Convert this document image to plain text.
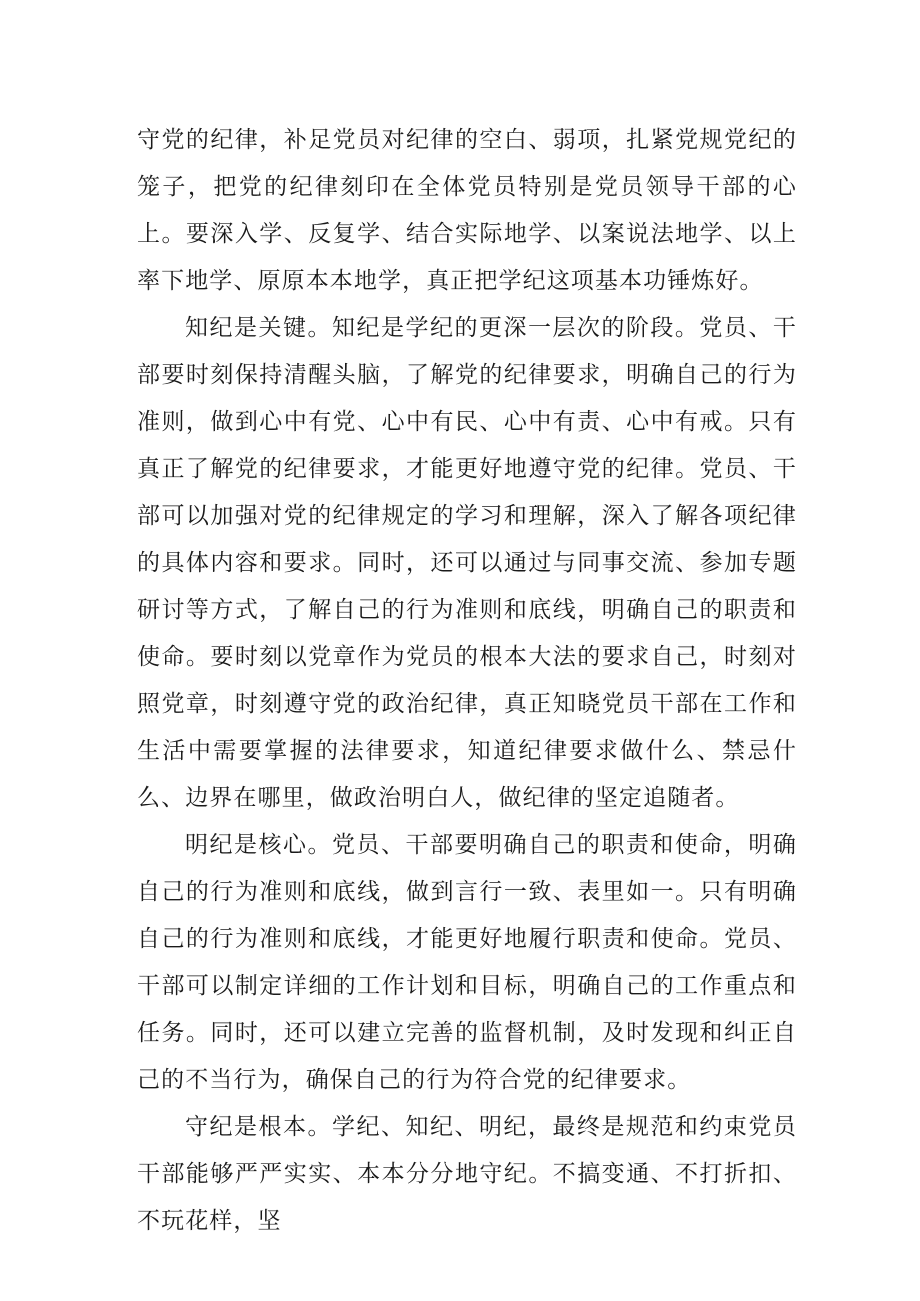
守党的纪律，补足党员对纪律的空白、弱项，扎紧党规党纪的笼子，把党的纪律刻印在全体党员特别是党员领导干部的心上。要深入学、反复学、结合实际地学、以案说法地学、以上率下地学、原原本本地学，真正把学纪这项基本功锤炼好。

知纪是关键。知纪是学纪的更深一层次的阶段。党员、干部要时刻保持清醒头脑，了解党的纪律要求，明确自己的行为准则，做到心中有党、心中有民、心中有责、心中有戒。只有真正了解党的纪律要求，才能更好地遵守党的纪律。党员、干部可以加强对党的纪律规定的学习和理解，深入了解各项纪律的具体内容和要求。同时，还可以通过与同事交流、参加专题研讨等方式，了解自己的行为准则和底线，明确自己的职责和使命。要时刻以党章作为党员的根本大法的要求自己，时刻对照党章，时刻遵守党的政治纪律，真正知晓党员干部在工作和生活中需要掌握的法律要求，知道纪律要求做什么、禁忌什么、边界在哪里，做政治明白人，做纪律的坚定追随者。

明纪是核心。党员、干部要明确自己的职责和使命，明确自己的行为准则和底线，做到言行一致、表里如一。只有明确自己的行为准则和底线，才能更好地履行职责和使命。党员、干部可以制定详细的工作计划和目标，明确自己的工作重点和任务。同时，还可以建立完善的监督机制，及时发现和纠正自己的不当行为，确保自己的行为符合党的纪律要求。

守纪是根本。学纪、知纪、明纪，最终是规范和约束党员干部能够严严实实、本本分分地守纪。不搞变通、不打折扣、不玩花样，坚
